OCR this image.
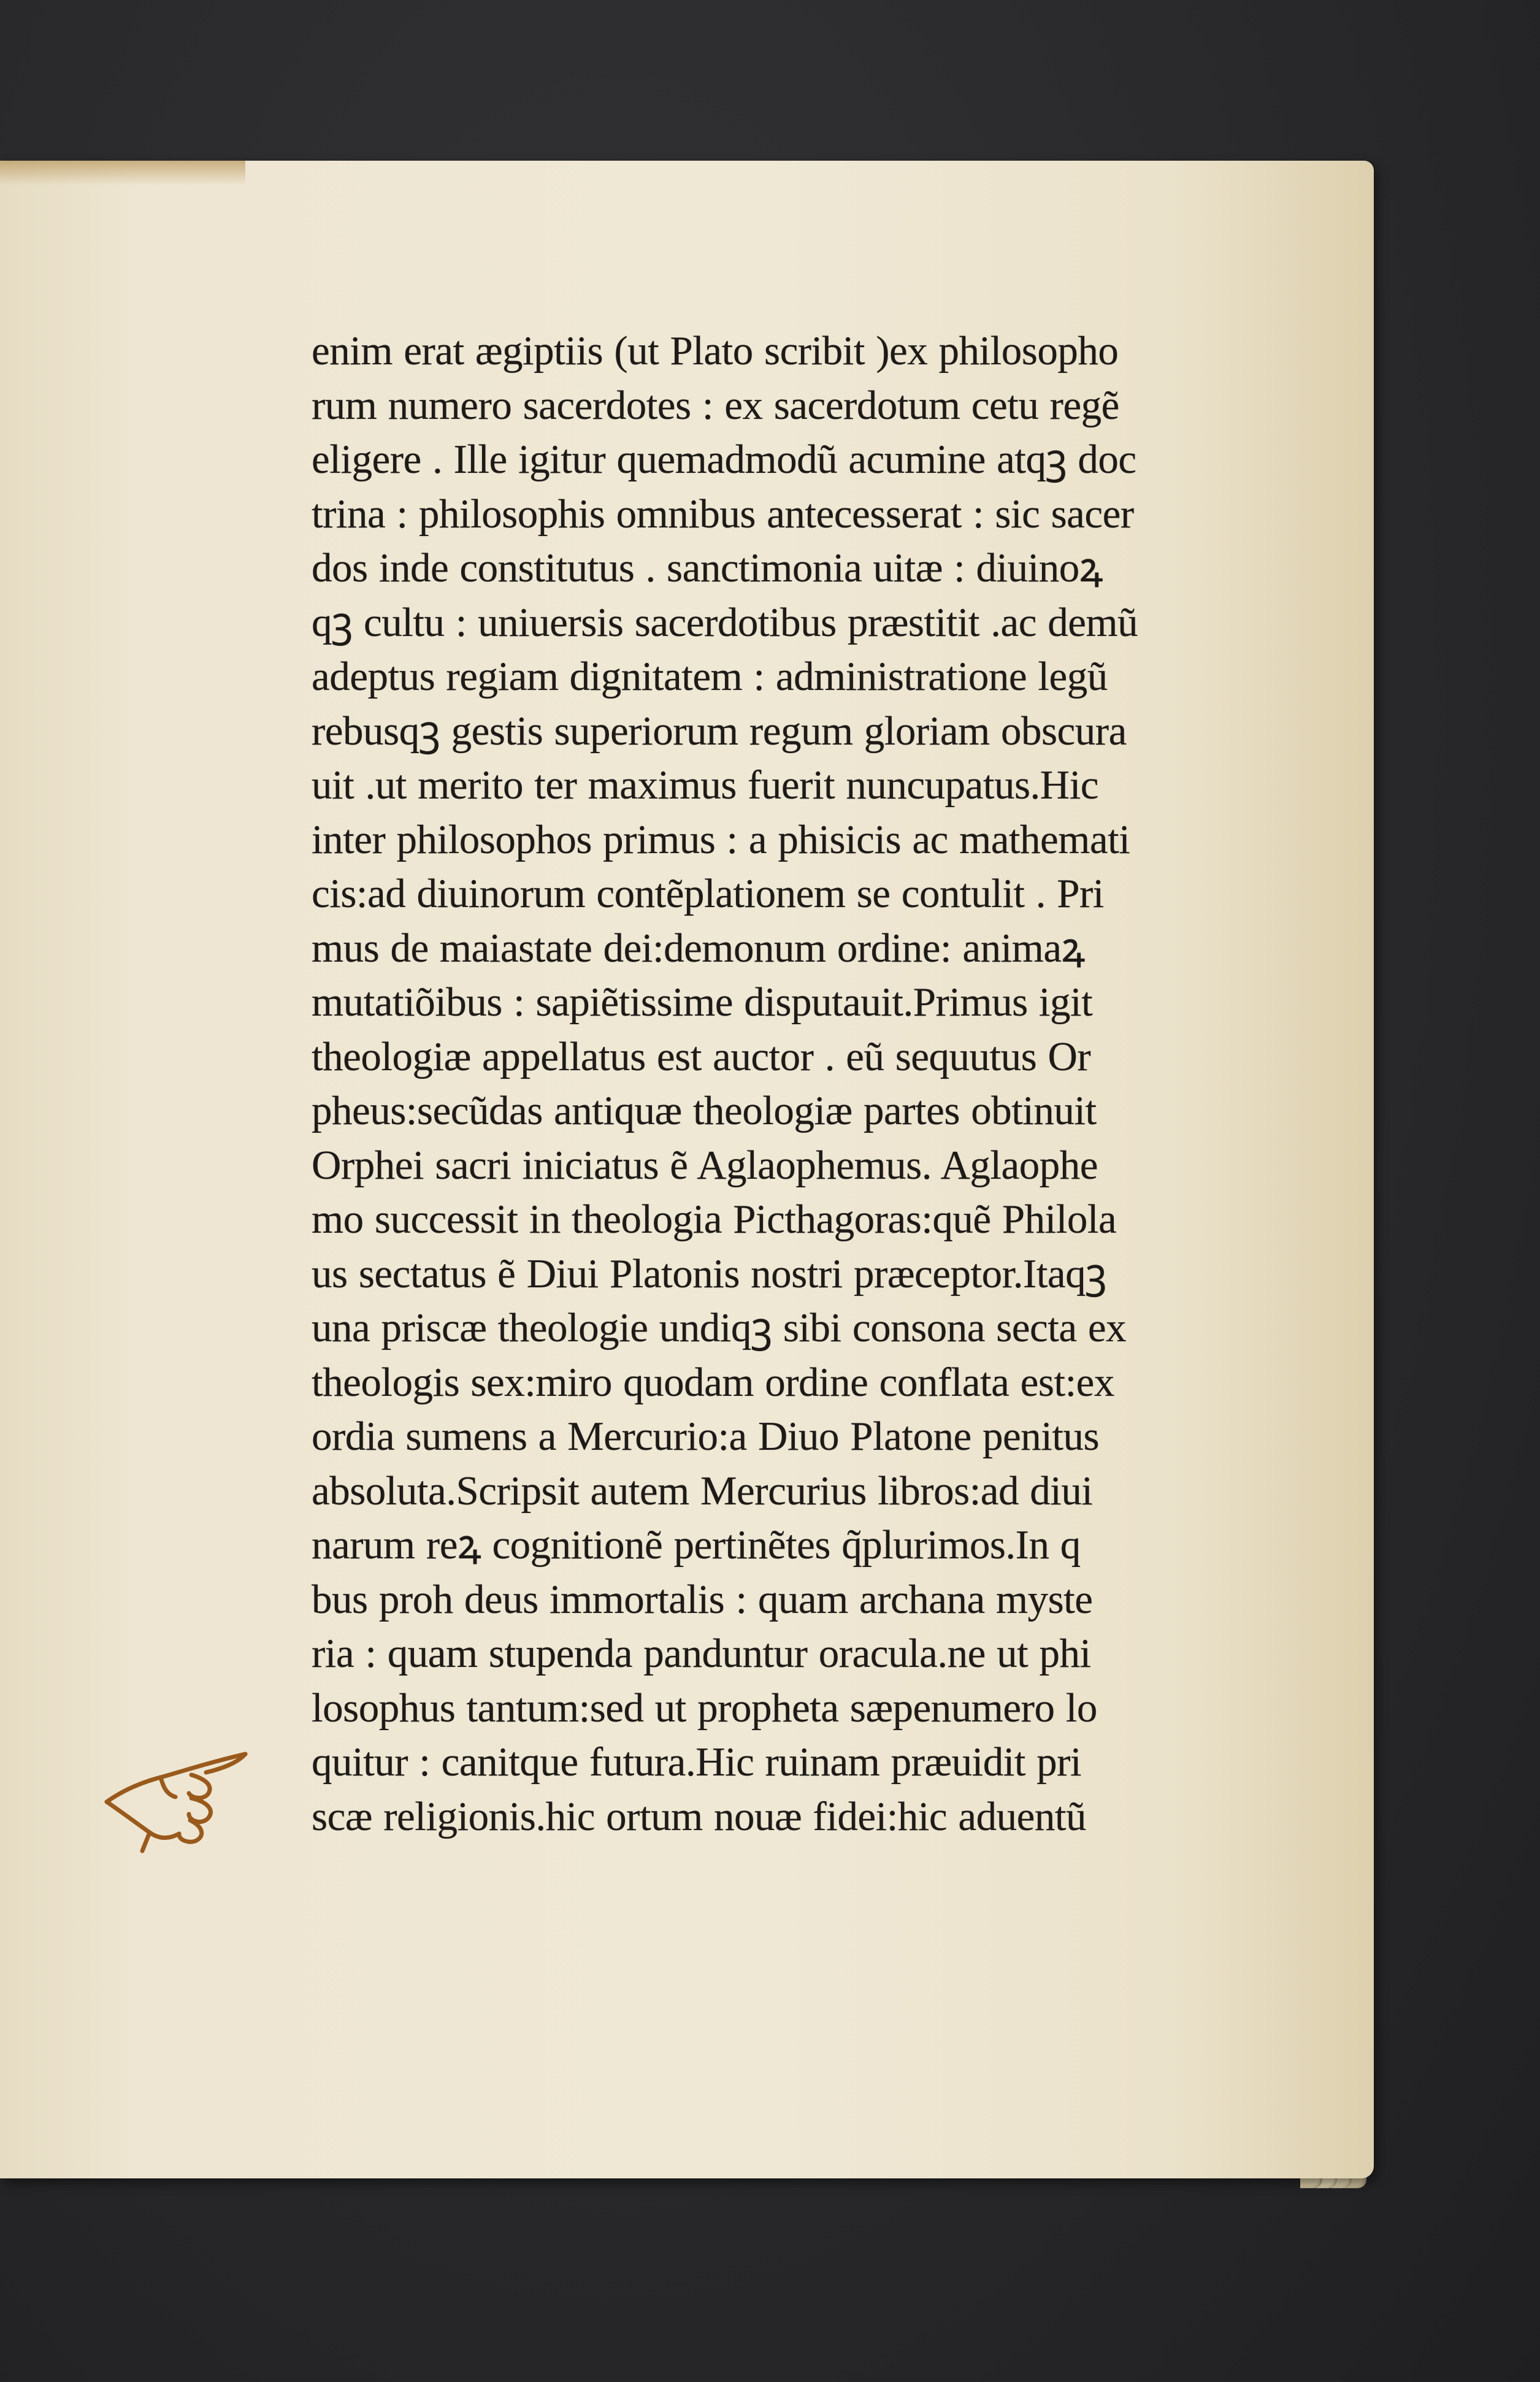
enim erat ægiptiis (ut Plato scribit )ex philosopho
rum numero sacerdotes : ex sacerdotum cetu regẽ
eligere . Ille igitur quemadmodũ acumine atqꝫ doc
trina : philosophis omnibus antecesserat : sic sacer
dos inde constitutus . sanctimonia uitæ : diuinoꝝ
qꝫ cultu : uniuersis sacerdotibus præstitit .ac demũ
adeptus regiam dignitatem : administratione legũ
rebusqꝫ gestis superiorum regum gloriam obscura
uit .ut merito ter maximus fuerit nuncupatus.Hic
inter philosophos primus : a phisicis ac mathemati
cis:ad diuinorum contẽplationem se contulit . Pri
mus de maiastate dei:demonum ordine: animaꝝ
mutatiõibus : sapiẽtissime disputauit.Primus igit
theologiæ appellatus est auctor . eũ sequutus Or
pheus:secũdas antiquæ theologiæ partes obtinuit
Orphei sacri iniciatus ẽ Aglaophemus. Aglaophe
mo successit in theologia Picthagoras:quẽ Philola
us sectatus ẽ Diui Platonis nostri præceptor.Itaqꝫ
una priscæ theologie undiqꝫ sibi consona secta ex
theologis sex:miro quodam ordine conflata est:ex
ordia sumens a Mercurio:a Diuo Platone penitus
absoluta.Scripsit autem Mercurius libros:ad diui
narum reꝝ cognitionẽ pertinẽtes q̃plurimos.In q
bus proh deus immortalis : quam archana myste
ria : quam stupenda panduntur oracula.ne ut phi
losophus tantum:sed ut propheta sæpenumero lo
quitur : canitque futura.Hic ruinam præuidit pri
scæ religionis.hic ortum nouæ fidei:hic aduentũ
